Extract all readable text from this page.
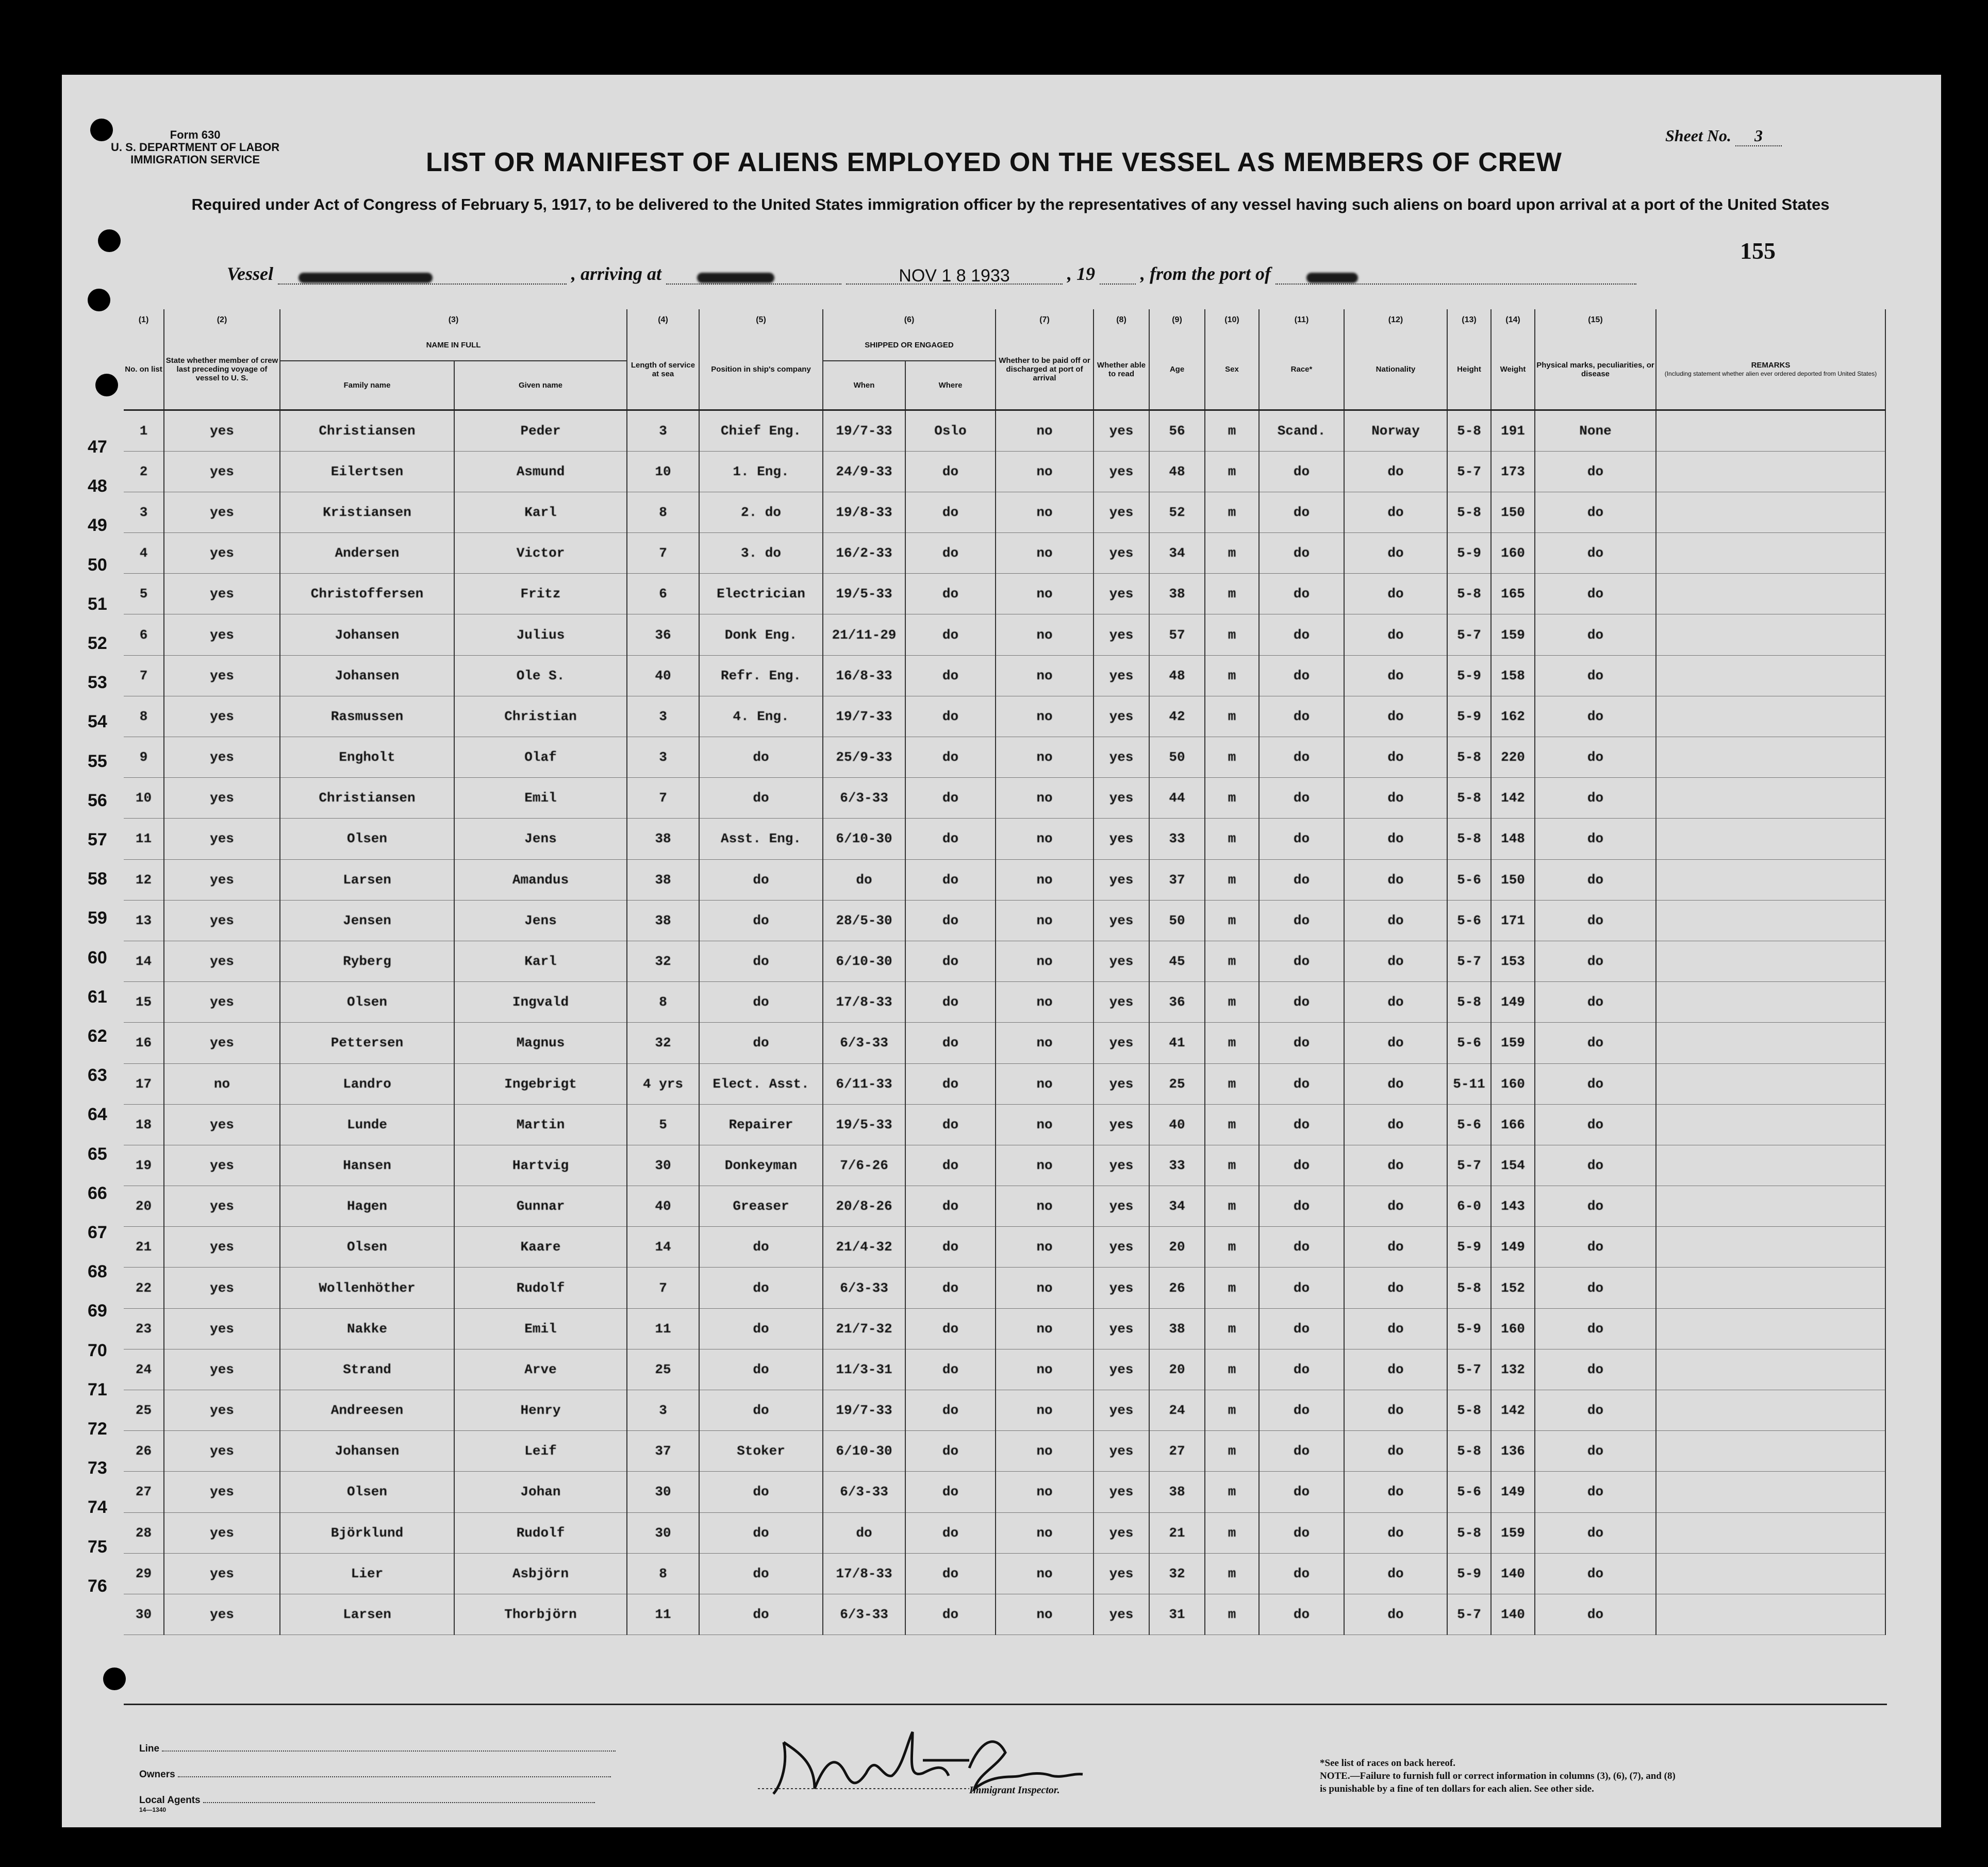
Form 630
U. S. DEPARTMENT OF LABOR
IMMIGRATION SERVICE
Sheet No. 3
LIST OR MANIFEST OF ALIENS EMPLOYED ON THE VESSEL AS MEMBERS OF CREW
Required under Act of Congress of February 5, 1917, to be delivered to the United States immigration officer by the representatives of any vessel having such aliens on board upon arrival at a port of the United States
155
Vessel	, arriving at	NOV 1 8 1933	, 19 , from the port of
(1)	(2)	(3)		(4)	(5)	(6)		(7)	(8)	(9)	(10)	(11)	(12)	(13)	(14)	(15)	
No. on list	State whether member of crew last preceding voyage of vessel to U. S.	NAME IN FULL		Length of service at sea	Position in ship's company	SHIPPED OR ENGAGED		Whether to be paid off or discharged at port of arrival	Whether able to read	Age	Sex	Race*	Nationality	Height	Weight	Physical marks, peculiarities, or disease	REMARKS
(Including statement whether alien ever ordered deported from United States)

		Family name	Given name			When	Where										
1	yes	Christiansen	Peder	3	Chief Eng.	19/7-33	Oslo	no	yes	56	m	Scand.	Norway	5-8	191	None	
2	yes	Eilertsen	Asmund	10	1. Eng.	24/9-33	do	no	yes	48	m	do	do	5-7	173	do	
3	yes	Kristiansen	Karl	8	2. do	19/8-33	do	no	yes	52	m	do	do	5-8	150	do	
4	yes	Andersen	Victor	7	3. do	16/2-33	do	no	yes	34	m	do	do	5-9	160	do	
5	yes	Christoffersen	Fritz	6	Electrician	19/5-33	do	no	yes	38	m	do	do	5-8	165	do	
6	yes	Johansen	Julius	36	Donk Eng.	21/11-29	do	no	yes	57	m	do	do	5-7	159	do	
7	yes	Johansen	Ole S.	40	Refr. Eng.	16/8-33	do	no	yes	48	m	do	do	5-9	158	do	
8	yes	Rasmussen	Christian	3	4. Eng.	19/7-33	do	no	yes	42	m	do	do	5-9	162	do	
9	yes	Engholt	Olaf	3	do	25/9-33	do	no	yes	50	m	do	do	5-8	220	do	
10	yes	Christiansen	Emil	7	do	6/3-33	do	no	yes	44	m	do	do	5-8	142	do	
11	yes	Olsen	Jens	38	Asst. Eng.	6/10-30	do	no	yes	33	m	do	do	5-8	148	do	
12	yes	Larsen	Amandus	38	do	do	do	no	yes	37	m	do	do	5-6	150	do	
13	yes	Jensen	Jens	38	do	28/5-30	do	no	yes	50	m	do	do	5-6	171	do	
14	yes	Ryberg	Karl	32	do	6/10-30	do	no	yes	45	m	do	do	5-7	153	do	
15	yes	Olsen	Ingvald	8	do	17/8-33	do	no	yes	36	m	do	do	5-8	149	do	
16	yes	Pettersen	Magnus	32	do	6/3-33	do	no	yes	41	m	do	do	5-6	159	do	
17	no	Landro	Ingebrigt	4 yrs	Elect. Asst.	6/11-33	do	no	yes	25	m	do	do	5-11	160	do	
18	yes	Lunde	Martin	5	Repairer	19/5-33	do	no	yes	40	m	do	do	5-6	166	do	
19	yes	Hansen	Hartvig	30	Donkeyman	7/6-26	do	no	yes	33	m	do	do	5-7	154	do	
20	yes	Hagen	Gunnar	40	Greaser	20/8-26	do	no	yes	34	m	do	do	6-0	143	do	
21	yes	Olsen	Kaare	14	do	21/4-32	do	no	yes	20	m	do	do	5-9	149	do	
22	yes	Wollenhöther	Rudolf	7	do	6/3-33	do	no	yes	26	m	do	do	5-8	152	do	
23	yes	Nakke	Emil	11	do	21/7-32	do	no	yes	38	m	do	do	5-9	160	do	
24	yes	Strand	Arve	25	do	11/3-31	do	no	yes	20	m	do	do	5-7	132	do	
25	yes	Andreesen	Henry	3	do	19/7-33	do	no	yes	24	m	do	do	5-8	142	do	
26	yes	Johansen	Leif	37	Stoker	6/10-30	do	no	yes	27	m	do	do	5-8	136	do	
27	yes	Olsen	Johan	30	do	6/3-33	do	no	yes	38	m	do	do	5-6	149	do	
28	yes	Björklund	Rudolf	30	do	do	do	no	yes	21	m	do	do	5-8	159	do	
29	yes	Lier	Asbjörn	8	do	17/8-33	do	no	yes	32	m	do	do	5-9	140	do	
30	yes	Larsen	Thorbjörn	11	do	6/3-33	do	no	yes	31	m	do	do	5-7	140	do	
47
48
49
50
51
52
53
54
55
56
57
58
59
60
61
62
63
64
65
66
67
68
69
70
71
72
73
74
75
76
Line
Owners
Local Agents
14—1340
Immigrant Inspector.
*See list of races on back hereof.
NOTE.—Failure to furnish full or correct information in columns (3), (6), (7), and (8)
is punishable by a fine of ten dollars for each alien. See other side.
